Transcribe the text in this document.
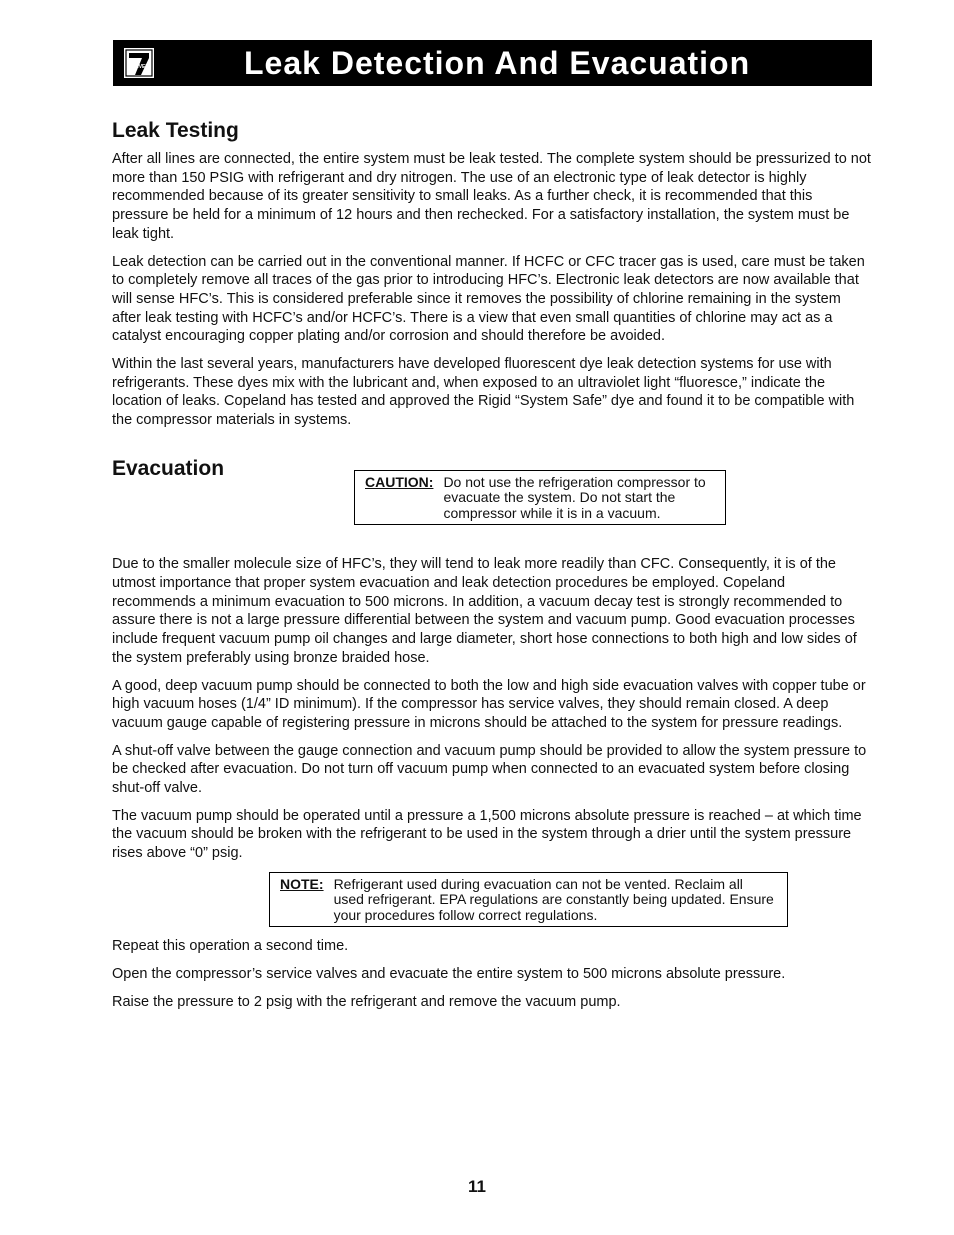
ELEVEN	Leak Detection And Evacuation
Leak Testing

After all lines are connected, the entire system must be leak tested. The complete system should be pressurized to not more than 150 PSIG with refrigerant and dry nitrogen. The use of an electronic type of leak detector is highly recommended because of its greater sensitivity to small leaks. As a further check, it is recommended that this pressure be held for a minimum of 12 hours and then rechecked. For a satisfactory installation, the system must be leak tight.

Leak detection can be carried out in the conventional manner. If HCFC or CFC tracer gas is used, care must be taken to completely remove all traces of the gas prior to introducing HFC’s. Electronic leak detectors are now available that will sense HFC’s. This is considered preferable since it removes the possibility of chlorine remaining in the system after leak testing with HCFC’s and/or HCFC’s. There is a view that even small quantities of chlorine may act as a catalyst encouraging copper plating and/or corrosion and should therefore be avoided.

Within the last several years, manufacturers have developed fluorescent dye leak detection systems for use with refrigerants. These dyes mix with the lubricant and, when exposed to an ultraviolet light “fluoresce,” indicate the location of leaks. Copeland has tested and approved the Rigid “System Safe” dye and found it to be compatible with the compressor materials in systems.

Evacuation
CAUTION: Do not use the refrigeration compressor to evacuate the system. Do not start the compressor while it is in a vacuum.

Due to the smaller molecule size of HFC’s, they will tend to leak more readily than CFC. Consequently, it is of the utmost importance that proper system evacuation and leak detection procedures be employed. Copeland recommends a minimum evacuation to 500 microns. In addition, a vacuum decay test is strongly recommended to assure there is not a large pressure differential between the system and vacuum pump. Good evacuation processes include frequent vacuum pump oil changes and large diameter, short hose connections to both high and low sides of the system preferably using bronze braided hose.

A good, deep vacuum pump should be connected to both the low and high side evacuation valves with copper tube or high vacuum hoses (1/4” ID minimum). If the compressor has service valves, they should remain closed. A deep vacuum gauge capable of registering pressure in microns should be attached to the system for pressure readings.

A shut-off valve between the gauge connection and vacuum pump should be provided to allow the system pressure to be checked after evacuation. Do not turn off vacuum pump when connected to an evacuated system before closing shut-off valve.

The vacuum pump should be operated until a pressure a 1,500 microns absolute pressure is reached – at which time the vacuum should be broken with the refrigerant to be used in the system through a drier until the system pressure rises above “0” psig.

NOTE: Refrigerant used during evacuation can not be vented. Reclaim all used refrigerant. EPA regulations are constantly being updated. Ensure your procedures follow correct regulations.

Repeat this operation a second time.

Open the compressor’s service valves and evacuate the entire system to 500 microns absolute pressure.

Raise the pressure to 2 psig with the refrigerant and remove the vacuum pump.

11
